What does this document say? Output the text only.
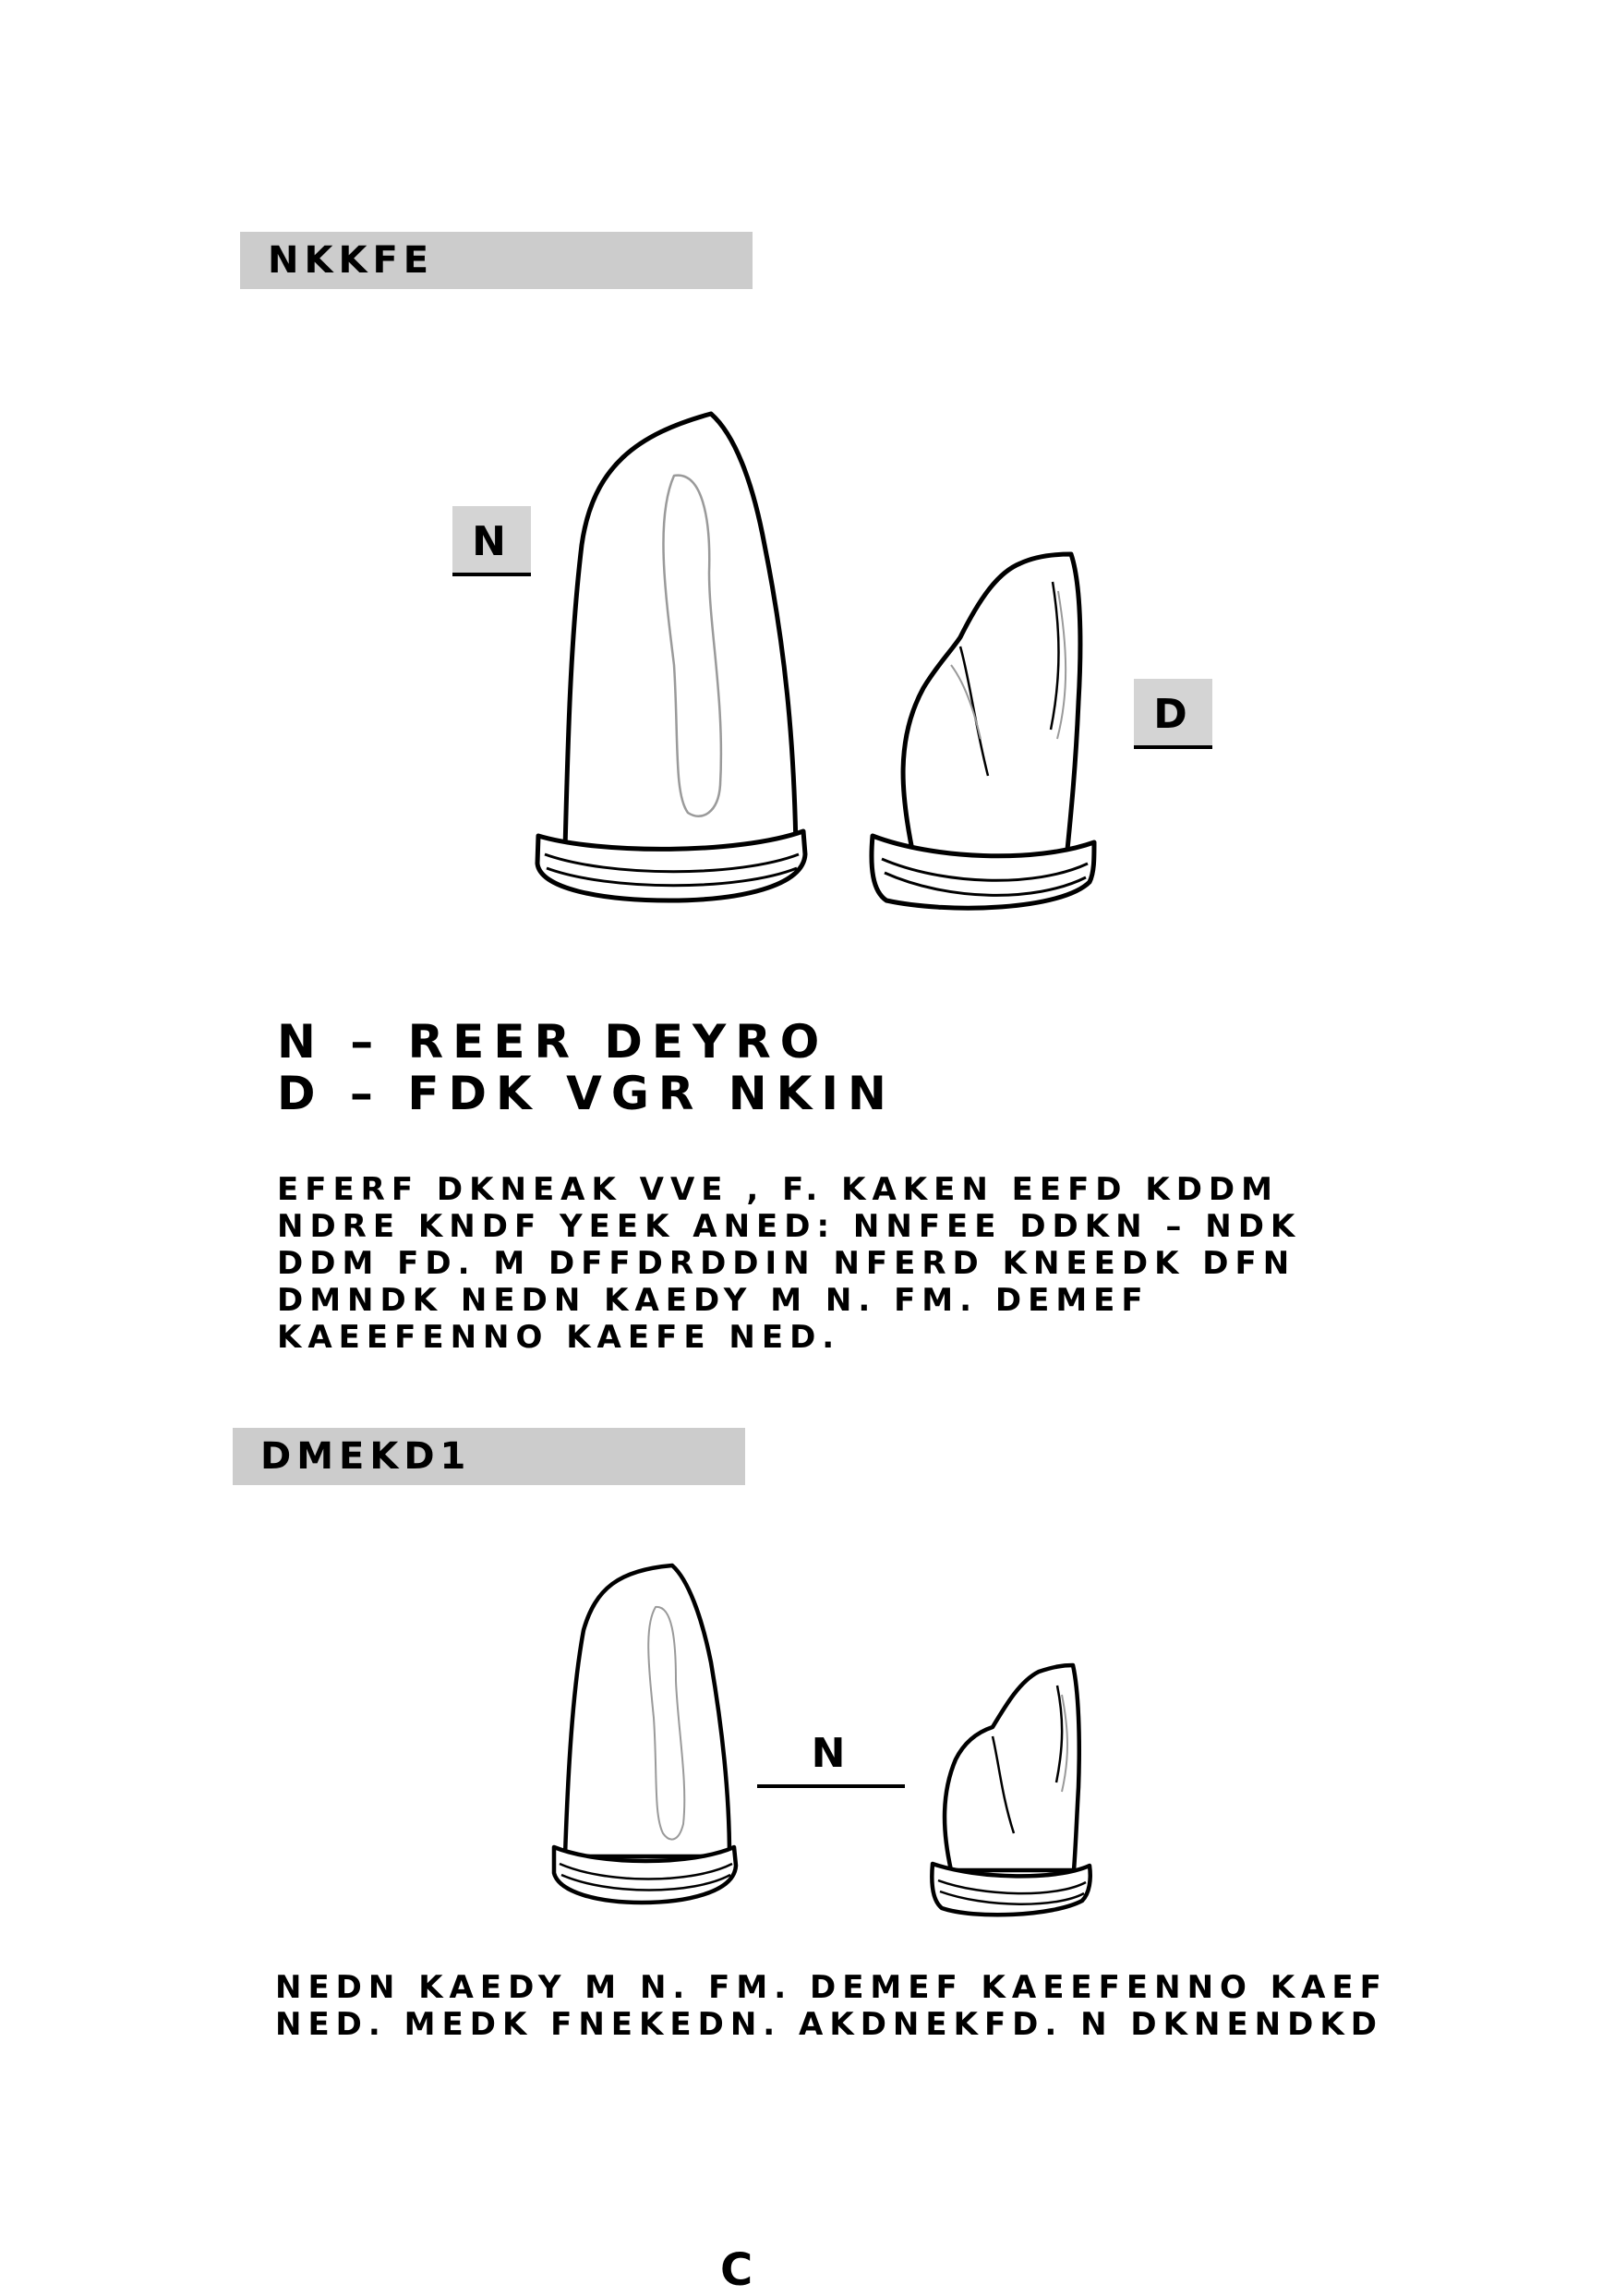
NKKFE
N
D
N – REER DEYRO
D – FDK VGR NKIN
EFERF DKNEAK VVE , F. KAKEN EEFD KDDM NDRE KNDF YEEK ANED: NNFEE DDKN – NDK DDM FD. M DFFDRDDIN NFERD KNEEDK DFN DMNDK NEDN KAEDY M N. FM. DEMEF KAEEFENNO KAEFE NED.
DMEKD1
N
NEDN KAEDY M N. FM. DEMEF KAEEFENNO KAEF
NED. MEDK FNEKEDN. AKDNEKFD. N DKNENDKD
C
